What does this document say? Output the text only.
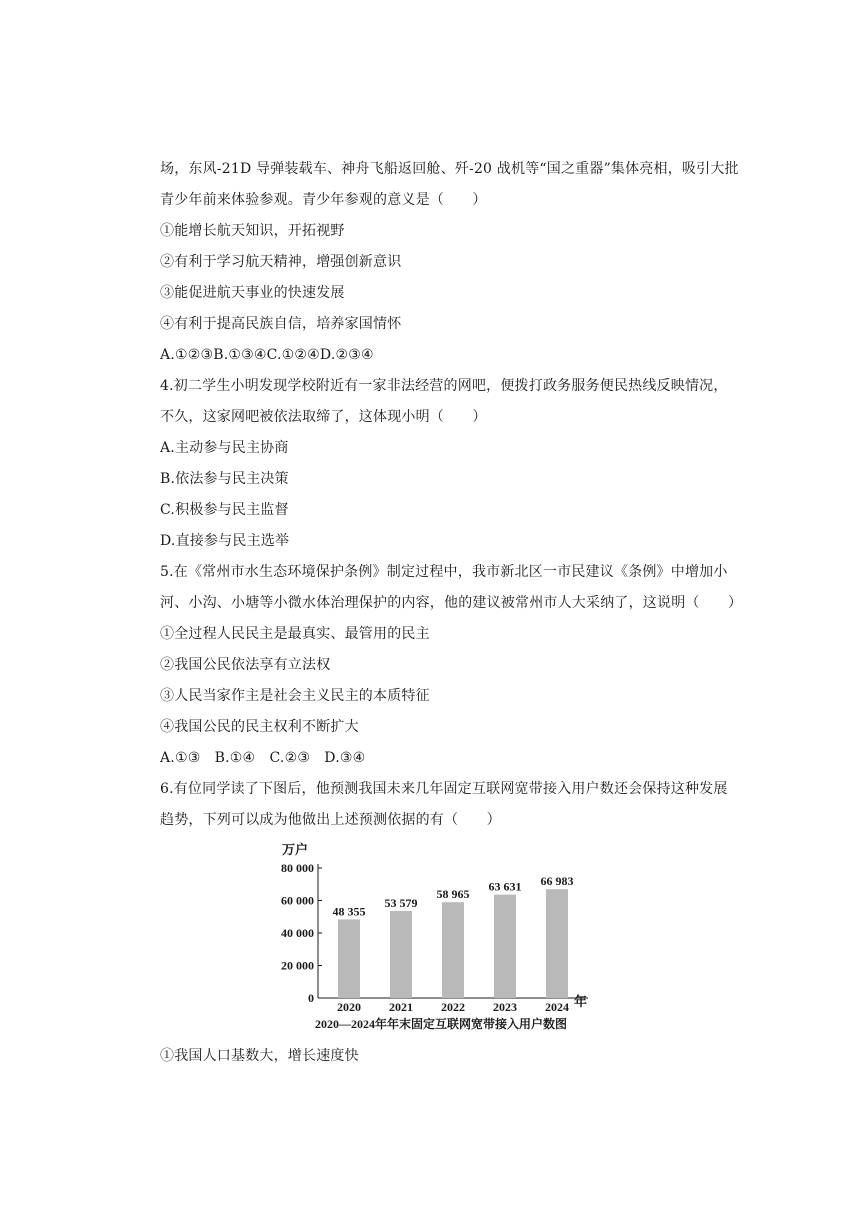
场，东风-21D 导弹装载车、神舟飞船返回舱、歼-20 战机等“国之重器”集体亮相，吸引大批
青少年前来体验参观。青少年参观的意义是（　　）
①能增长航天知识，开拓视野
②有利于学习航天精神，增强创新意识
③能促进航天事业的快速发展
④有利于提高民族自信，培养家国情怀
A.①②③B.①③④C.①②④D.②③④
4.初二学生小明发现学校附近有一家非法经营的网吧，便拨打政务服务便民热线反映情况，
不久，这家网吧被依法取缔了，这体现小明（　　）
A.主动参与民主协商
B.依法参与民主决策
C.积极参与民主监督
D.直接参与民主选举
5.在《常州市水生态环境保护条例》制定过程中，我市新北区一市民建议《条例》中增加小
河、小沟、小塘等小微水体治理保护的内容，他的建议被常州市人大采纳了，这说明（　　）
①全过程人民民主是最真实、最管用的民主
②我国公民依法享有立法权
③人民当家作主是社会主义民主的本质特征
④我国公民的民主权利不断扩大
A.①③　B.①④　C.②③　D.③④
6.有位同学读了下图后，他预测我国未来几年固定互联网宽带接入用户数还会保持这种发展
趋势，下列可以成为他做出上述预测依据的有（　　）
万户
年
2020—2024年年末固定互联网宽带接入用户数图
0
20 000
40 000
60 000
80 000
48 355
2020
53 579
2021
58 965
2022
63 631
2023
66 983
2024
①我国人口基数大，增长速度快
